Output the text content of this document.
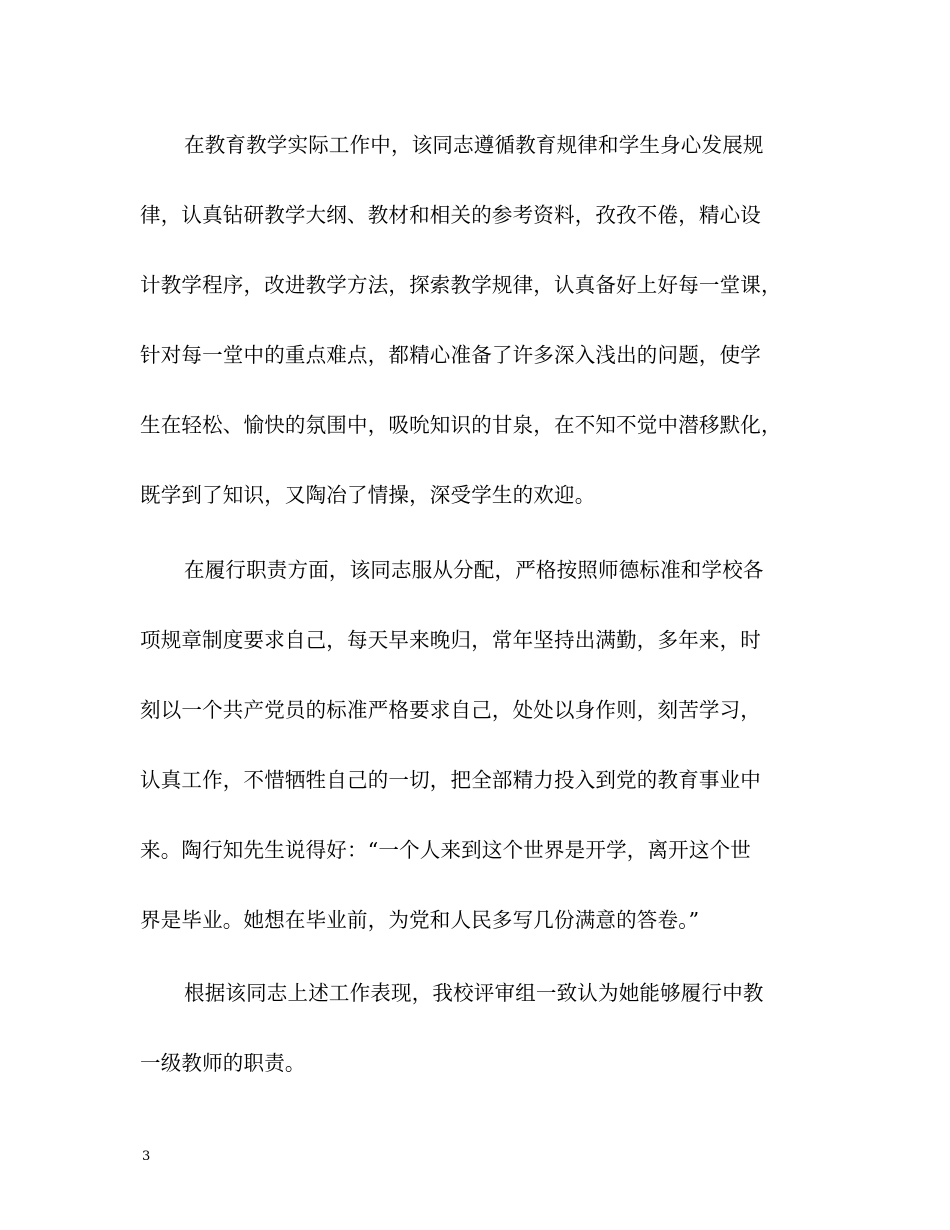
在教育教学实际工作中，该同志遵循教育规律和学生身心发展规
律，认真钻研教学大纲、教材和相关的参考资料，孜孜不倦，精心设
计教学程序，改进教学方法，探索教学规律，认真备好上好每一堂课，
针对每一堂中的重点难点，都精心准备了许多深入浅出的问题，使学
生在轻松、愉快的氛围中，吸吮知识的甘泉，在不知不觉中潜移默化，
既学到了知识，又陶冶了情操，深受学生的欢迎。
在履行职责方面，该同志服从分配，严格按照师德标准和学校各
项规章制度要求自己，每天早来晚归，常年坚持出满勤，多年来，时
刻以一个共产党员的标准严格要求自己，处处以身作则，刻苦学习，
认真工作，不惜牺牲自己的一切，把全部精力投入到党的教育事业中
来。陶行知先生说得好：“一个人来到这个世界是开学，离开这个世
界是毕业。她想在毕业前，为党和人民多写几份满意的答卷。”
根据该同志上述工作表现，我校评审组一致认为她能够履行中教
一级教师的职责。
3
